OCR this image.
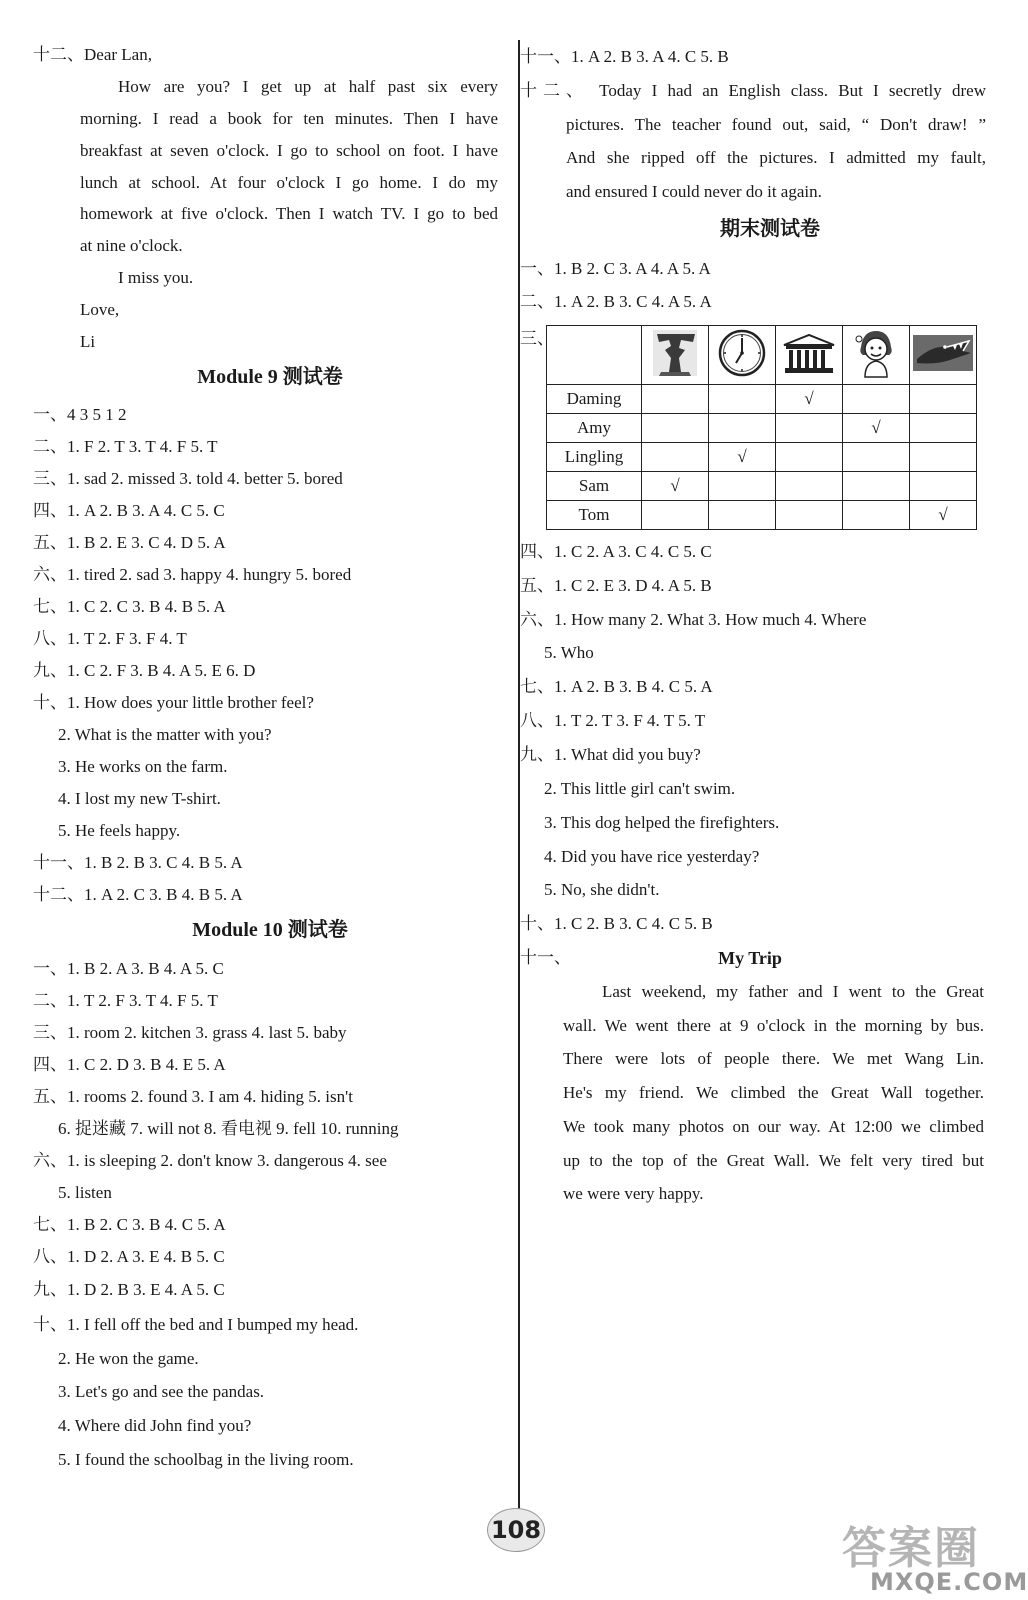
十二、Dear Lan,
How are you? I get up at half past six every
morning. I read a book for ten minutes. Then I have
breakfast at seven o'clock. I go to school on foot. I have
lunch at school. At four o'clock I go home. I do my
homework at five o'clock. Then I watch TV. I go to bed
at nine o'clock.
I miss you.
Love,
Li
Module 9 测试卷
一、4 3 5 1 2
二、1. F 2. T 3. T 4. F 5. T
三、1. sad 2. missed 3. told 4. better 5. bored
四、1. A 2. B 3. A 4. C 5. C
五、1. B 2. E 3. C 4. D 5. A
六、1. tired 2. sad 3. happy 4. hungry 5. bored
七、1. C 2. C 3. B 4. B 5. A
八、1. T 2. F 3. F 4. T
九、1. C 2. F 3. B 4. A 5. E 6. D
十、1. How does your little brother feel?
2. What is the matter with you?
3. He works on the farm.
4. I lost my new T-shirt.
5. He feels happy.
十一、1. B 2. B 3. C 4. B 5. A
十二、1. A 2. C 3. B 4. B 5. A
Module 10 测试卷
一、1. B 2. A 3. B 4. A 5. C
二、1. T 2. F 3. T 4. F 5. T
三、1. room 2. kitchen 3. grass 4. last 5. baby
四、1. C 2. D 3. B 4. E 5. A
五、1. rooms 2. found 3. I am 4. hiding 5. isn't
6. 捉迷藏 7. will not 8. 看电视 9. fell 10. running
六、1. is sleeping 2. don't know 3. dangerous 4. see
5. listen
七、1. B 2. C 3. B 4. C 5. A
八、1. D 2. A 3. E 4. B 5. C
九、1. D 2. B 3. E 4. A 5. C
十、1. I fell off the bed and I bumped my head.
2. He won the game.
3. Let's go and see the pandas.
4. Where did John find you?
5. I found the schoolbag in the living room.
十一、1. A 2. B 3. A 4. C 5. B
十二、 Today I had an English class. But I secretly drew
pictures. The teacher found out, said, “ Don't draw! ”
And she ripped off the pictures. I admitted my fault,
and ensured I could never do it again.
期末测试卷
一、1. B 2. C 3. A 4. A 5. A
二、1. A 2. B 3. C 4. A 5. A
三、

Daming			√		
Amy				√	
Lingling		√			
Sam	√				
Tom					√
四、1. C 2. A 3. C 4. C 5. C
五、1. C 2. E 3. D 4. A 5. B
六、1. How many 2. What 3. How much 4. Where
5. Who
七、1. A 2. B 3. B 4. C 5. A
八、1. T 2. T 3. F 4. T 5. T
九、1. What did you buy?
2. This little girl can't swim.
3. This dog helped the firefighters.
4. Did you have rice yesterday?
5. No, she didn't.
十、1. C 2. B 3. C 4. C 5. B
十一、	My Trip
Last weekend, my father and I went to the Great
wall. We went there at 9 o'clock in the morning by bus.
There were lots of people there. We met Wang Lin.
He's my friend. We climbed the Great Wall together.
We took many photos on our way. At 12:00 we climbed
up to the top of the Great Wall. We felt very tired but
we were very happy.
108	答案圈
MXQE.COM
